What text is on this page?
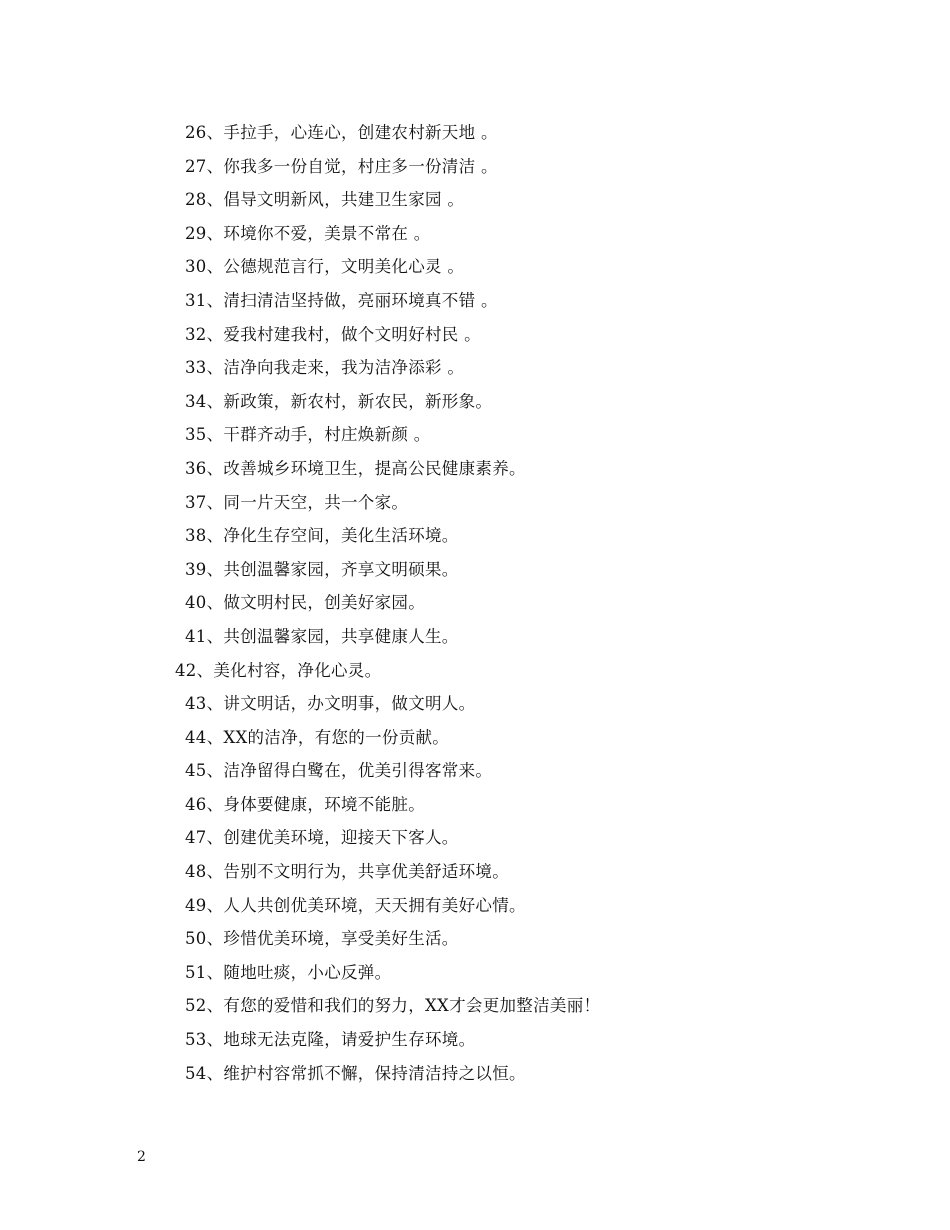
26、手拉手，心连心，创建农村新天地 。
27、你我多一份自觉，村庄多一份清洁 。
28、倡导文明新风，共建卫生家园 。
29、环境你不爱，美景不常在 。
30、公德规范言行，文明美化心灵 。
31、清扫清洁坚持做，亮丽环境真不错 。
32、爱我村建我村，做个文明好村民 。
33、洁净向我走来，我为洁净添彩 。
34、新政策，新农村，新农民，新形象。
35、干群齐动手，村庄焕新颜 。
36、改善城乡环境卫生，提高公民健康素养。
37、同一片天空，共一个家。
38、净化生存空间，美化生活环境。
39、共创温馨家园，齐享文明硕果。
40、做文明村民，创美好家园。
41、共创温馨家园，共享健康人生。
42、美化村容，净化心灵。
43、讲文明话，办文明事，做文明人。
44、XX的洁净，有您的一份贡献。
45、洁净留得白鹭在，优美引得客常来。
46、身体要健康，环境不能脏。
47、创建优美环境，迎接天下客人。
48、告别不文明行为，共享优美舒适环境。
49、人人共创优美环境，天天拥有美好心情。
50、珍惜优美环境，享受美好生活。
51、随地吐痰，小心反弹。
52、有您的爱惜和我们的努力，XX才会更加整洁美丽！
53、地球无法克隆，请爱护生存环境。
54、维护村容常抓不懈，保持清洁持之以恒。
2
